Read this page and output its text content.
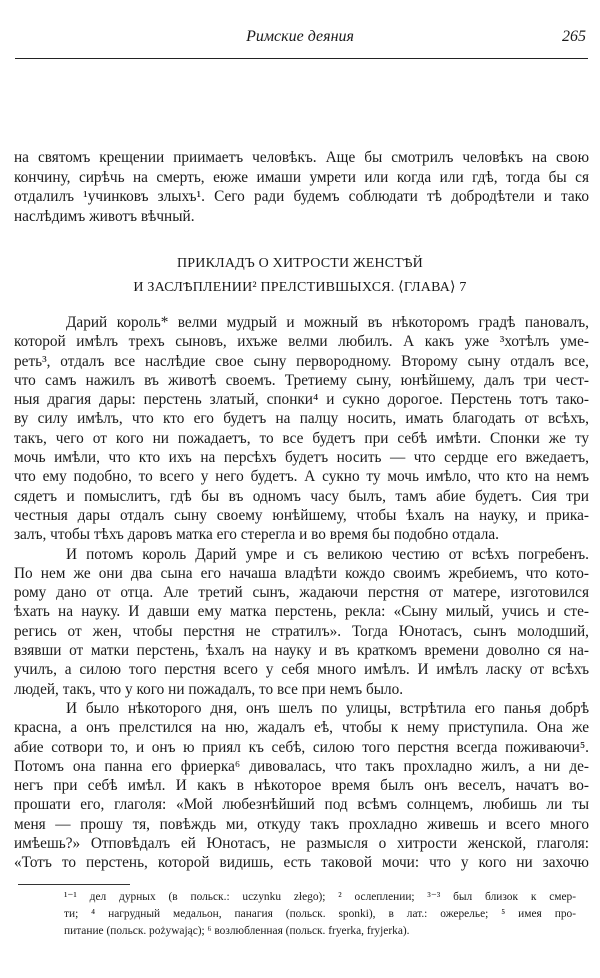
Римские деяния	265
на святомъ крещении приимаетъ человѣкъ. Аще бы смотрилъ человѣкъ на свою
кончину, сирѣчь на смерть, еюже имаши умрети или когда или гдѣ, тогда бы ся
отдалилъ ¹учинковъ злыхъ¹. Сего ради будемъ соблюдати тѣ добродѣтели и тако
наслѣдимъ животъ вѣчный.
ПРИКЛАДЪ О ХИТРОСТИ ЖЕНСТѢЙ
И ЗАСЛѢПЛЕНИИ² ПРЕЛСТИВШЫХСЯ. ⟨ГЛАВА⟩ 7
Дарий король* велми мудрый и можный въ нѣкоторомъ градѣ пановалъ,
которой имѣлъ трехъ сыновъ, ихъже велми любилъ. А какъ уже ³хотѣлъ уме-
реть³, отдалъ все наслѣдие свое сыну первородному. Второму сыну отдалъ все,
что самъ нажилъ въ животѣ своемъ. Третиему сыну, юнѣйшему, далъ три чест-
ныя драгия дары: перстень златый, спонки⁴ и сукно дорогое. Перстень тотъ тако-
ву силу имѣлъ, что кто его будетъ на палцу носить, имать благодать от всѣхъ,
такъ, чего от кого ни пожадаетъ, то все будетъ при себѣ имѣти. Спонки же ту
мочь имѣли, что кто ихъ на персѣхъ будетъ носить — что сердце его вжедаетъ,
что ему подобно, то всего у него будетъ. А сукно ту мочь имѣло, что кто на немъ
сядетъ и помыслитъ, гдѣ бы въ одномъ часу былъ, тамъ абие будетъ. Сия три
честныя дары отдалъ сыну своему юнѣйшему, чтобы ѣхалъ на науку, и прика-
залъ, чтобы тѣхъ даровъ матка его стерегла и во время бы подобно отдала.
И потомъ король Дарий умре и съ великою честию от всѣхъ погребенъ.
По нем же они два сына его начаша владѣти кождо своимъ жребиемъ, что кото-
рому дано от отца. Але третий сынъ, жадаючи перстня от матере, изготовился
ѣхать на науку. И давши ему матка перстень, рекла: «Сыну милый, учись и сте-
регись от жен, чтобы перстня не стратилъ». Тогда Юнотасъ, сынъ молодший,
взявши от матки перстень, ѣхалъ на науку и въ краткомъ времени доволно ся на-
училъ, а силою того перстня всего у себя много имѣлъ. И имѣлъ ласку от всѣхъ
людей, такъ, что у кого ни пожадалъ, то все при немъ было.
И было нѣкоторого дня, онъ шелъ по улицы, встрѣтила его панья добрѣ
красна, а онъ прелстился на ню, жадалъ еѣ, чтобы к нему приступила. Она же
абие сотвори то, и онъ ю приял къ себѣ, силою того перстня всегда поживаючи⁵.
Потомъ она панна его фриерка⁶ дивовалась, что такъ прохладно жилъ, а ни де-
негъ при себѣ имѣл. И какъ в нѣкоторое время былъ онъ веселъ, начатъ во-
прошати его, глаголя: «Мой любезнѣйший под всѣмъ солнцемъ, любишь ли ты
меня — прошу тя, повѣждь ми, откуду такъ прохладно живешь и всего много
имѣешь?» Отповѣдалъ ей Юнотасъ, не размысля о хитрости женской, глаголя:
«Тотъ то перстень, которой видишь, есть таковой мочи: что у кого ни захочю
¹⁻¹ дел дурных (в польск.: uczynku złego); ² ослеплении; ³⁻³ был близок к смер-
ти; ⁴ нагрудный медальон, панагия (польск. sponki), в лат.: ожерелье; ⁵ имея про-
питание (польск. pożywając); ⁶ возлюбленная (польск. fryerka, fryjerka).
